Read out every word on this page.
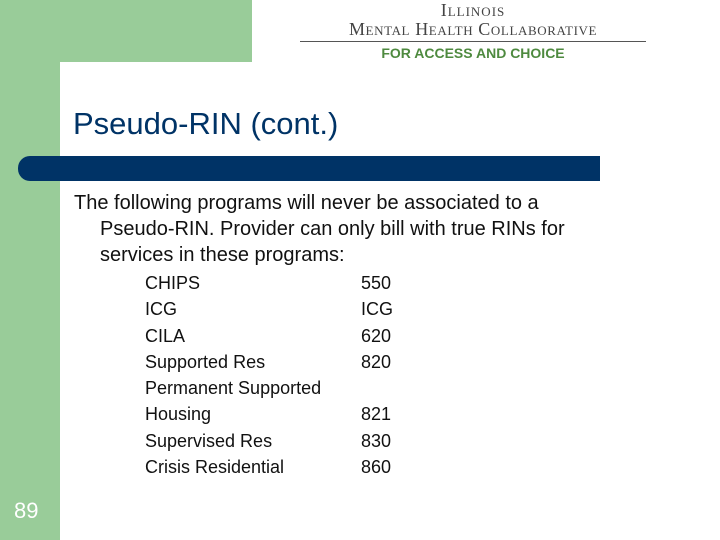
Illinois
Mental Health Collaborative
FOR ACCESS AND CHOICE
Pseudo-RIN (cont.)
The following programs will never be associated to a
Pseudo-RIN. Provider can only bill with true RINs for
services in these programs:
CHIPS
ICG
CILA
Supported Res
Permanent Supported
Housing
Supervised Res
Crisis Residential
550
ICG
620
820
821
830
860
89
